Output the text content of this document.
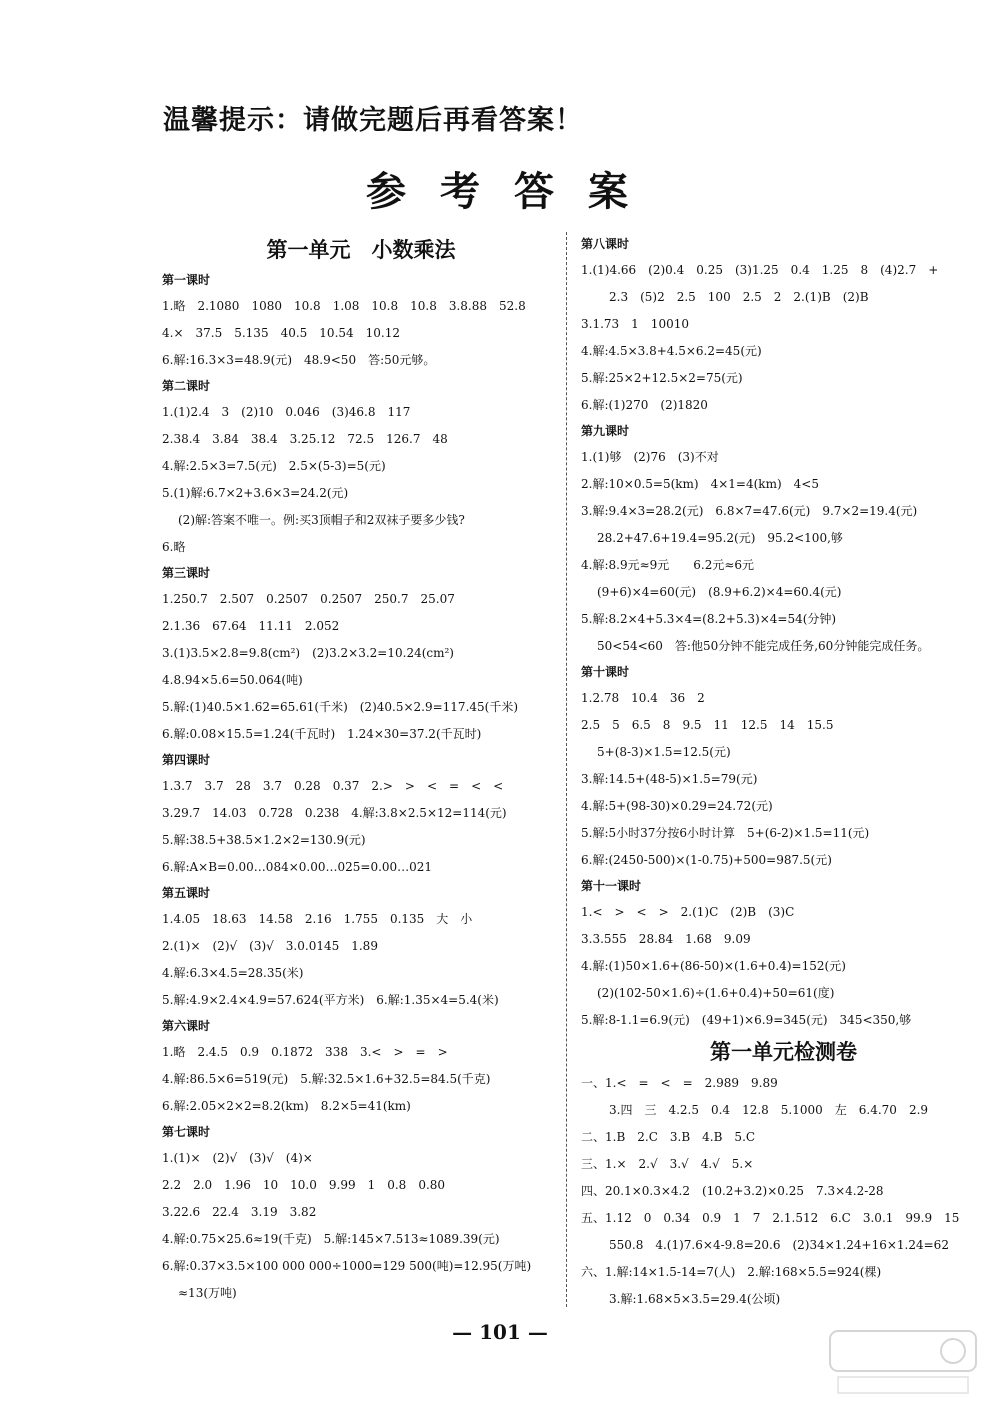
温馨提示：请做完题后再看答案！
参考答案
第一单元　小数乘法
第一课时
1.略　2.1080　1080　10.8　1.08　10.8　10.8　3.8.88　52.8
4.×　37.5　5.135　40.5　10.54　10.12
6.解:16.3×3=48.9(元)　48.9<50　答:50元够。
第二课时
1.(1)2.4　3　(2)10　0.046　(3)46.8　117
2.38.4　3.84　38.4　3.25.12　72.5　126.7　48
4.解:2.5×3=7.5(元)　2.5×(5-3)=5(元)
5.(1)解:6.7×2+3.6×3=24.2(元)
(2)解:答案不唯一。例:买3顶帽子和2双袜子要多少钱?
6.略
第三课时
1.250.7　2.507　0.2507　0.2507　250.7　25.07
2.1.36　67.64　11.11　2.052
3.(1)3.5×2.8=9.8(cm²)　(2)3.2×3.2=10.24(cm²)
4.8.94×5.6=50.064(吨)
5.解:(1)40.5×1.62=65.61(千米)　(2)40.5×2.9=117.45(千米)
6.解:0.08×15.5=1.24(千瓦时)　1.24×30=37.2(千瓦时)
第四课时
1.3.7　3.7　28　3.7　0.28　0.37　2.>　>　<　=　<　<
3.29.7　14.03　0.728　0.238　4.解:3.8×2.5×12=114(元)
5.解:38.5+38.5×1.2×2=130.9(元)
6.解:A×B=0.00…084×0.00…025=0.00…021
第五课时
1.4.05　18.63　14.58　2.16　1.755　0.135　大　小
2.(1)×　(2)√　(3)√　3.0.0145　1.89
4.解:6.3×4.5=28.35(米)
5.解:4.9×2.4×4.9=57.624(平方米)　6.解:1.35×4=5.4(米)
第六课时
1.略　2.4.5　0.9　0.1872　338　3.<　>　=　>
4.解:86.5×6=519(元)　5.解:32.5×1.6+32.5=84.5(千克)
6.解:2.05×2×2=8.2(km)　8.2×5=41(km)
第七课时
1.(1)×　(2)√　(3)√　(4)×
2.2　2.0　1.96　10　10.0　9.99　1　0.8　0.80
3.22.6　22.4　3.19　3.82
4.解:0.75×25.6≈19(千克)　5.解:145×7.513≈1089.39(元)
6.解:0.37×3.5×100 000 000÷1000=129 500(吨)=12.95(万吨)
≈13(万吨)
第八课时
1.(1)4.66　(2)0.4　0.25　(3)1.25　0.4　1.25　8　(4)2.7　+
2.3　(5)2　2.5　100　2.5　2　2.(1)B　(2)B
3.1.73　1　10010
4.解:4.5×3.8+4.5×6.2=45(元)
5.解:25×2+12.5×2=75(元)
6.解:(1)270　(2)1820
第九课时
1.(1)够　(2)76　(3)不对
2.解:10×0.5=5(km)　4×1=4(km)　4<5
3.解:9.4×3=28.2(元)　6.8×7=47.6(元)　9.7×2=19.4(元)
28.2+47.6+19.4=95.2(元)　95.2<100,够
4.解:8.9元≈9元　　6.2元≈6元
(9+6)×4=60(元)　(8.9+6.2)×4=60.4(元)
5.解:8.2×4+5.3×4=(8.2+5.3)×4=54(分钟)
50<54<60　答:他50分钟不能完成任务,60分钟能完成任务。
第十课时
1.2.78　10.4　36　2
2.5　5　6.5　8　9.5　11　12.5　14　15.5
5+(8-3)×1.5=12.5(元)
3.解:14.5+(48-5)×1.5=79(元)
4.解:5+(98-30)×0.29=24.72(元)
5.解:5小时37分按6小时计算　5+(6-2)×1.5=11(元)
6.解:(2450-500)×(1-0.75)+500=987.5(元)
第十一课时
1.<　>　<　>　2.(1)C　(2)B　(3)C
3.3.555　28.84　1.68　9.09
4.解:(1)50×1.6+(86-50)×(1.6+0.4)=152(元)
(2)(102-50×1.6)÷(1.6+0.4)+50=61(度)
5.解:8-1.1=6.9(元)　(49+1)×6.9=345(元)　345<350,够
第一单元检测卷
一、1.<　=　<　=　2.989　9.89
3.四　三　4.2.5　0.4　12.8　5.1000　左　6.4.70　2.9
二、1.B　2.C　3.B　4.B　5.C
三、1.×　2.√　3.√　4.√　5.×
四、20.1×0.3×4.2　(10.2+3.2)×0.25　7.3×4.2-28
五、1.12　0　0.34　0.9　1　7　2.1.512　6.C　3.0.1　99.9　15
550.8　4.(1)7.6×4-9.8=20.6　(2)34×1.24+16×1.24=62
六、1.解:14×1.5-14=7(人)　2.解:168×5.5=924(棵)
3.解:1.68×5×3.5=29.4(公顷)
— 101 —
